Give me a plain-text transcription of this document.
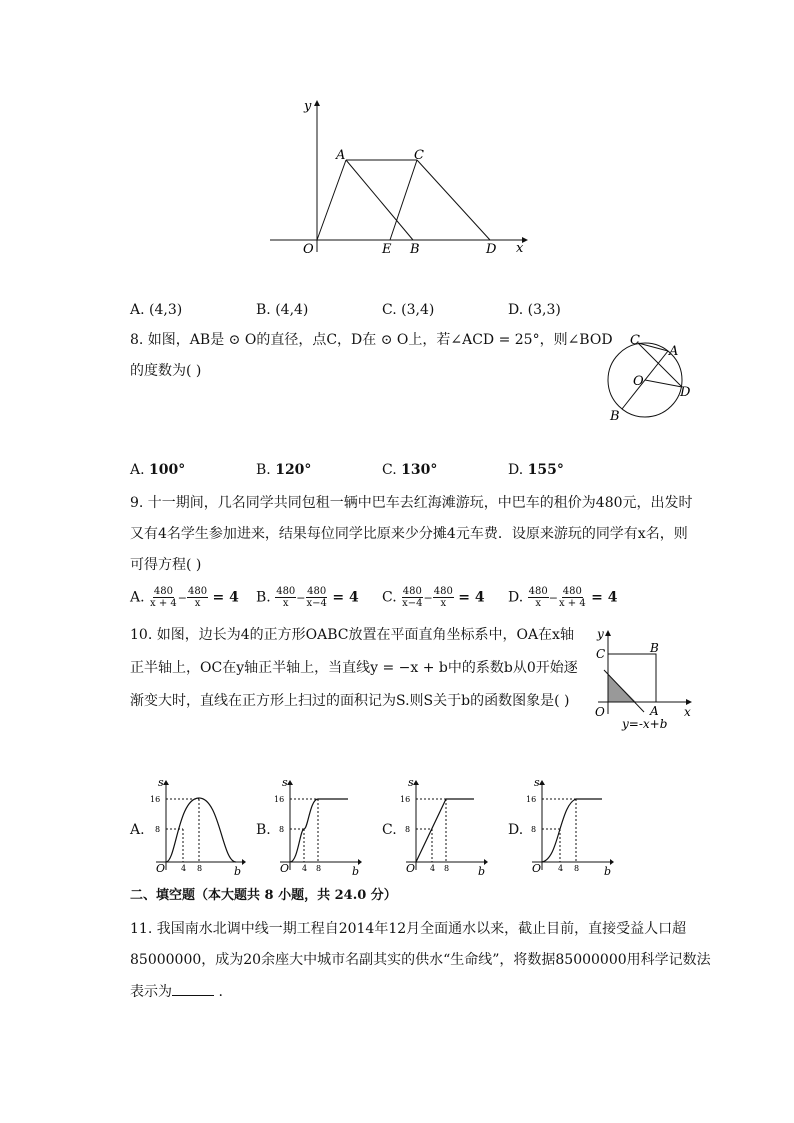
y
x
O
A	C
E B	D
A. (4,3)	B. (4,4)	C. (3,4)	D. (3,3)
8. 如图，AB是 ⊙ O的直径，点C，D在 ⊙ O上，若∠ACD = 25°，则∠BOD
的度数为( )
C
A
O
D
B
A. 100°	B. 120°	C. 130°	D. 155°
9. 十一期间，几名同学共同包租一辆中巴车去红海滩游玩，中巴车的租价为480元，出发时
又有4名学生参加进来，结果每位同学比原来少分摊4元车费．设原来游玩的同学有x名，则
可得方程( )
A. $\frac{480}{x + 4} - \frac{480}{x} = 4$ B. $\frac{480}{x} - \frac{480}{x-4} = 4$ C. $\frac{480}{x-4} - \frac{480}{x} = 4$ D. $\frac{480}{x} - \frac{480}{x + 4} = 4$
10. 如图，边长为4的正方形OABC放置在平面直角坐标系中，OA在x轴
正半轴上，OC在y轴正半轴上，当直线y = −x + b中的系数b从0开始逐
渐变大时，直线在正方形上扫过的面积记为S.则S关于b的函数图象是( )
y
x
C	B
O	A
y=-x+b
A.
s
16
8
O 4 8	b
B.
s
16
8
O 4 8	b
C.
s
16
8
O 4 8	b
D.
s
16
8
O 4 8 b
二、填空题（本大题共 8 小题，共 24.0 分）
11. 我国南水北调中线一期工程自2014年12月全面通水以来，截止目前，直接受益人口超
85000000，成为20余座大中城市名副其实的供水“生命线”，将数据85000000用科学记数法
表示为	.
